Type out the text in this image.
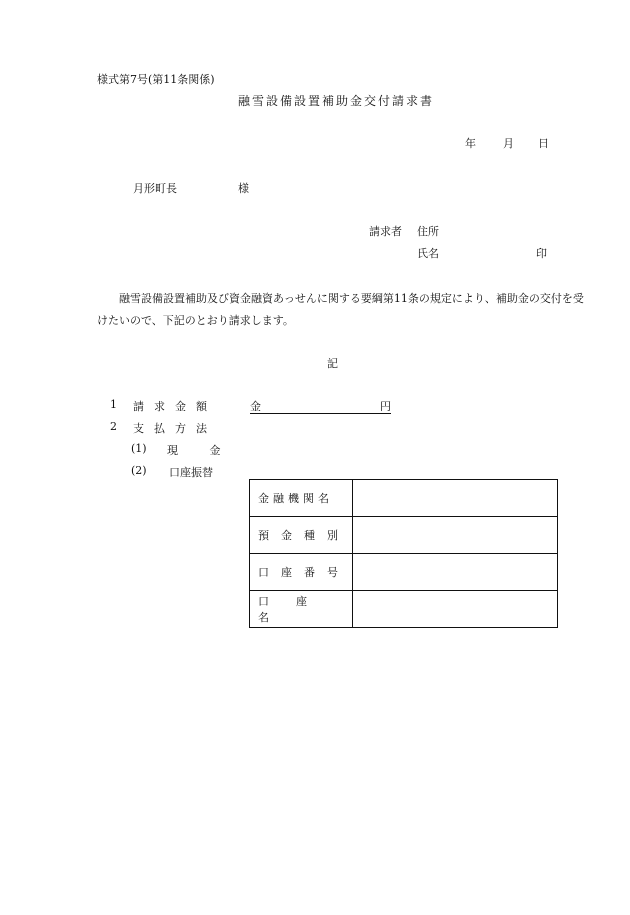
様式第7号(第11条関係)
融雪設備設置補助金交付請求書
年 月 日
月形町長	様
請求者 住所
氏名	印
融雪設備設置補助及び資金融資あっせんに関する要綱第11条の規定により、補助金の交付を受けたいので、下記のとおり請求します。
記
1 請求金額	金	円
2 支払方法
(1) 現 金
(2) 口座振替
金融機関名	

預金種別	
口座番号	
口座名	
